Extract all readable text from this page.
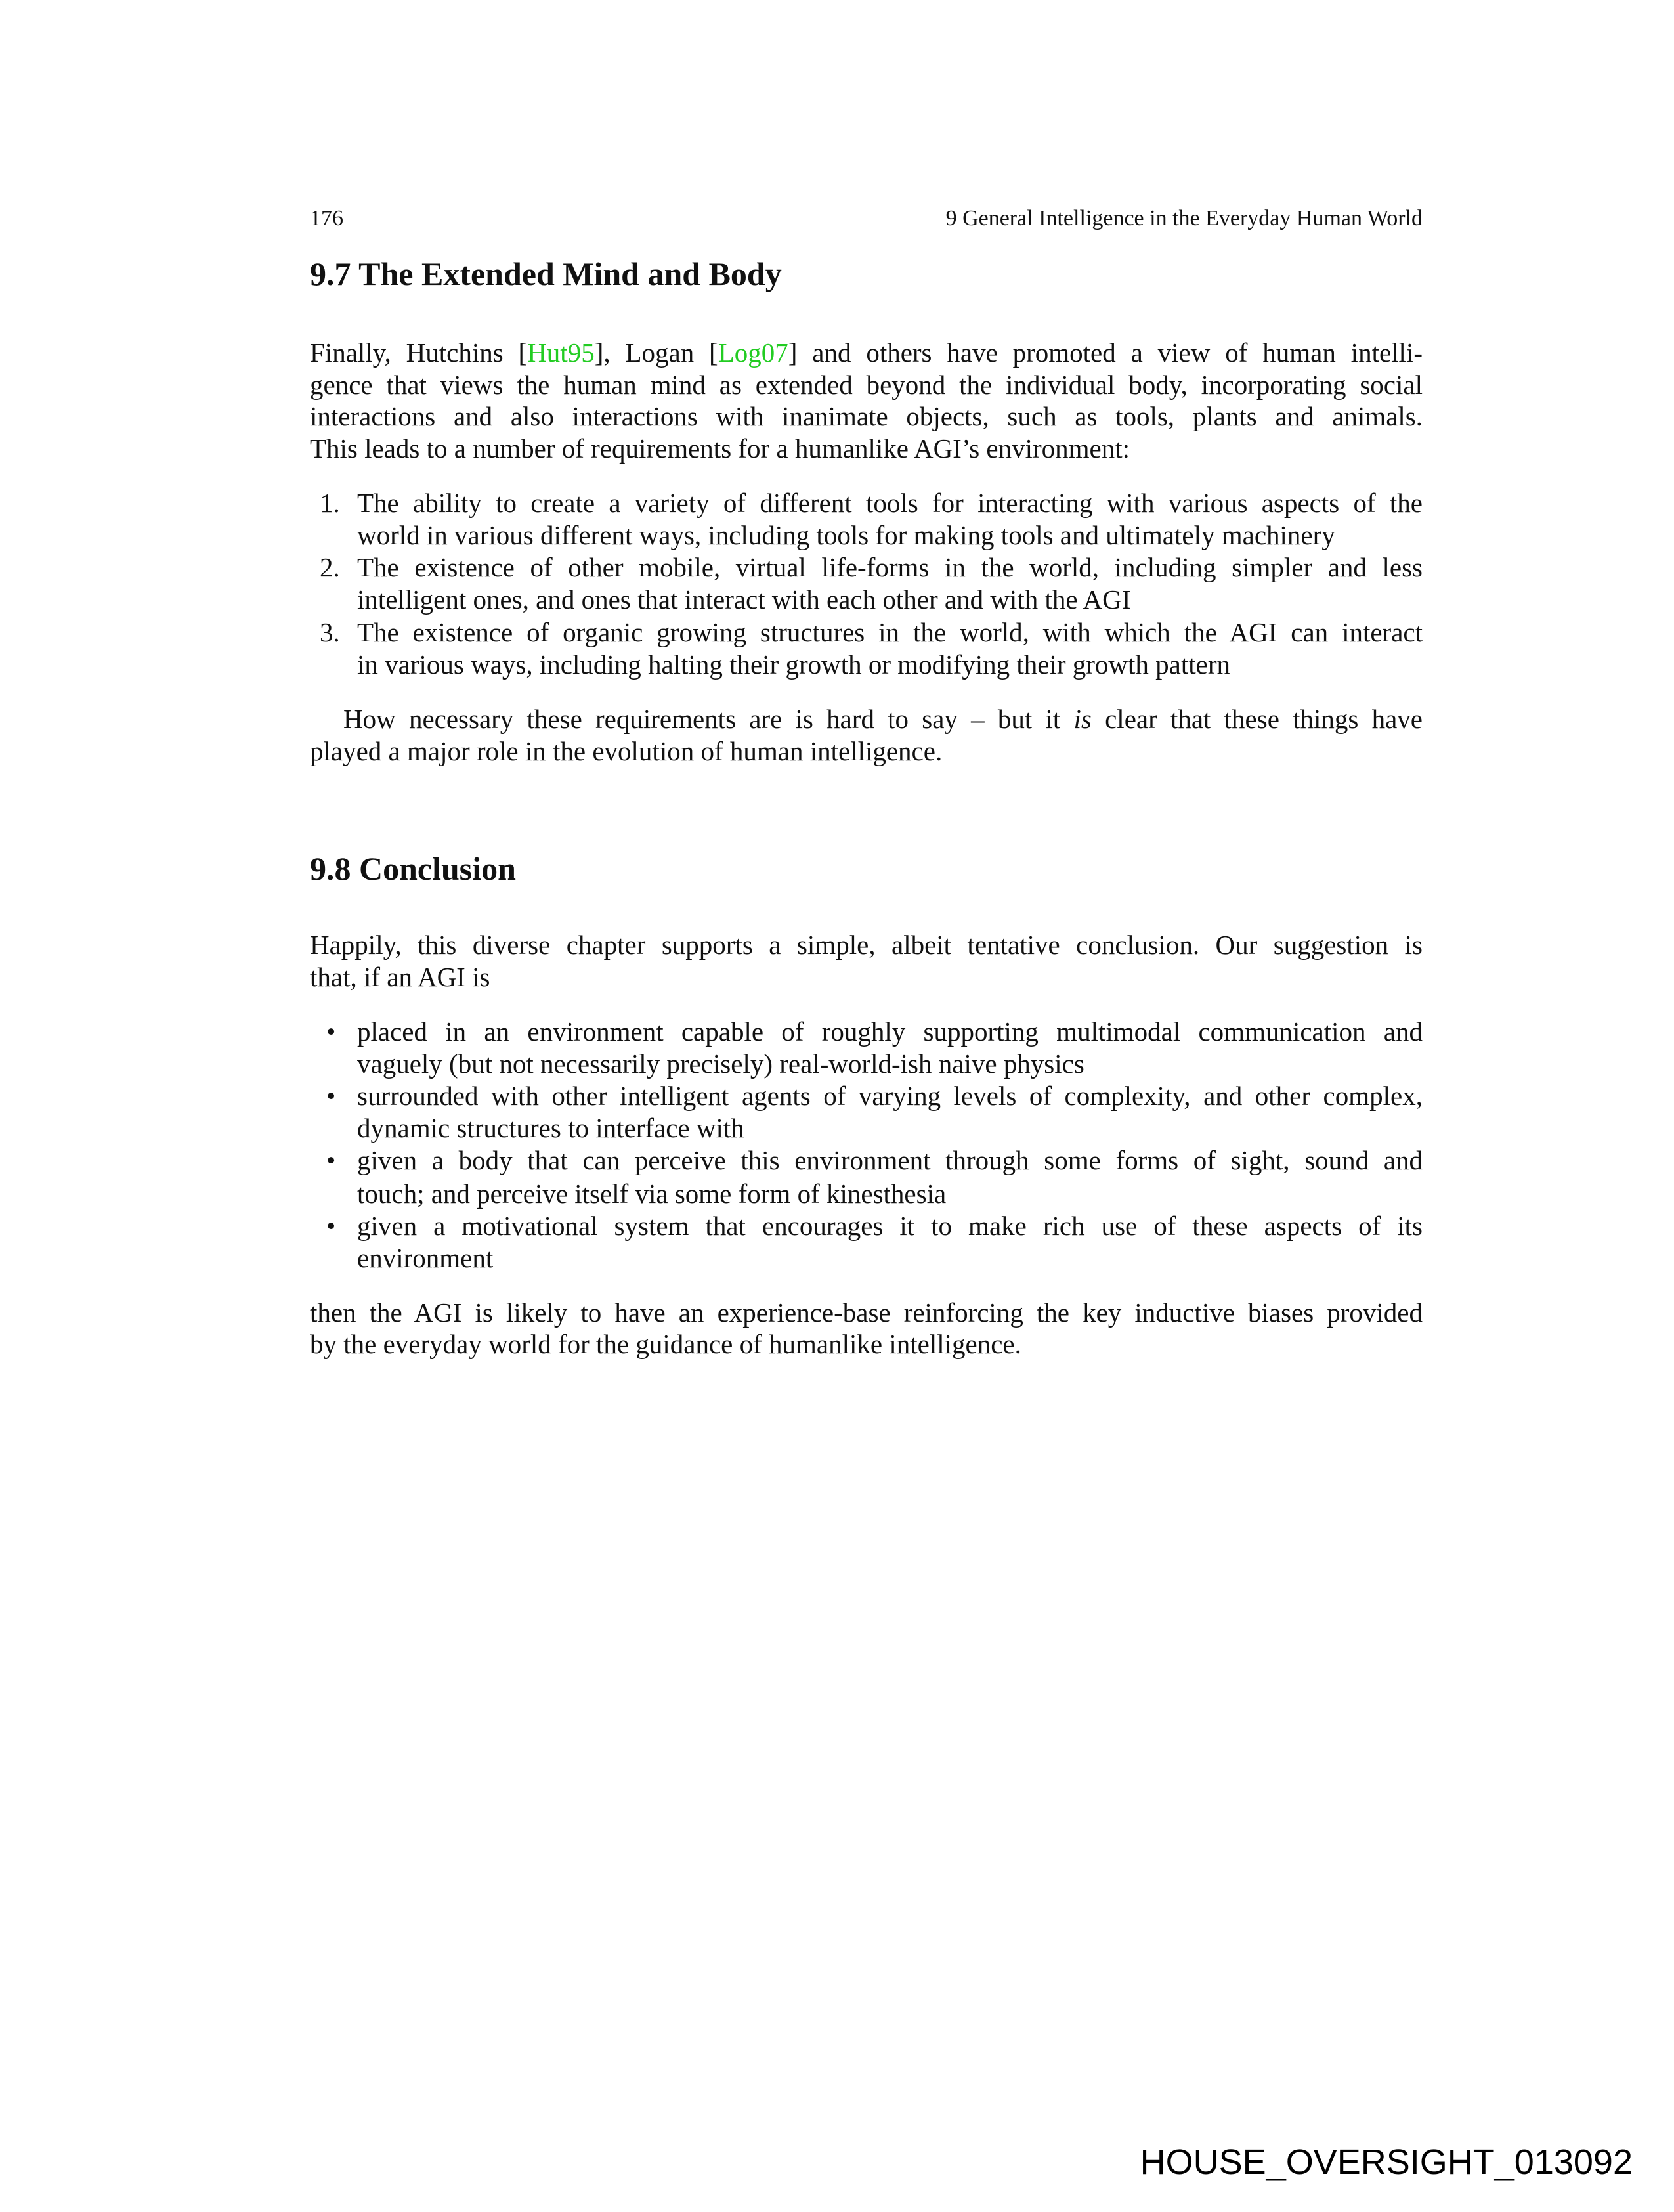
176	9 General Intelligence in the Everyday Human World
9.7 The Extended Mind and Body
9.8 Conclusion
Finally, Hutchins [Hut95], Logan [Log07] and others have promoted a view of human intelli-
gence that views the human mind as extended beyond the individual body, incorporating social
interactions and also interactions with inanimate objects, such as tools, plants and animals.
This leads to a number of requirements for a humanlike AGI’s environment:
1. The ability to create a variety of different tools for interacting with various aspects of the
world in various different ways, including tools for making tools and ultimately machinery
2. The existence of other mobile, virtual life-forms in the world, including simpler and less
intelligent ones, and ones that interact with each other and with the AGI
3. The existence of organic growing structures in the world, with which the AGI can interact
in various ways, including halting their growth or modifying their growth pattern
How necessary these requirements are is hard to say – but it is clear that these things have
played a major role in the evolution of human intelligence.
Happily, this diverse chapter supports a simple, albeit tentative conclusion. Our suggestion is
that, if an AGI is
• placed in an environment capable of roughly supporting multimodal communication and
vaguely (but not necessarily precisely) real-world-ish naive physics
• surrounded with other intelligent agents of varying levels of complexity, and other complex,
dynamic structures to interface with
• given a body that can perceive this environment through some forms of sight, sound and
touch; and perceive itself via some form of kinesthesia
• given a motivational system that encourages it to make rich use of these aspects of its
environment
then the AGI is likely to have an experience-base reinforcing the key inductive biases provided
by the everyday world for the guidance of humanlike intelligence.
HOUSE_OVERSIGHT_013092
